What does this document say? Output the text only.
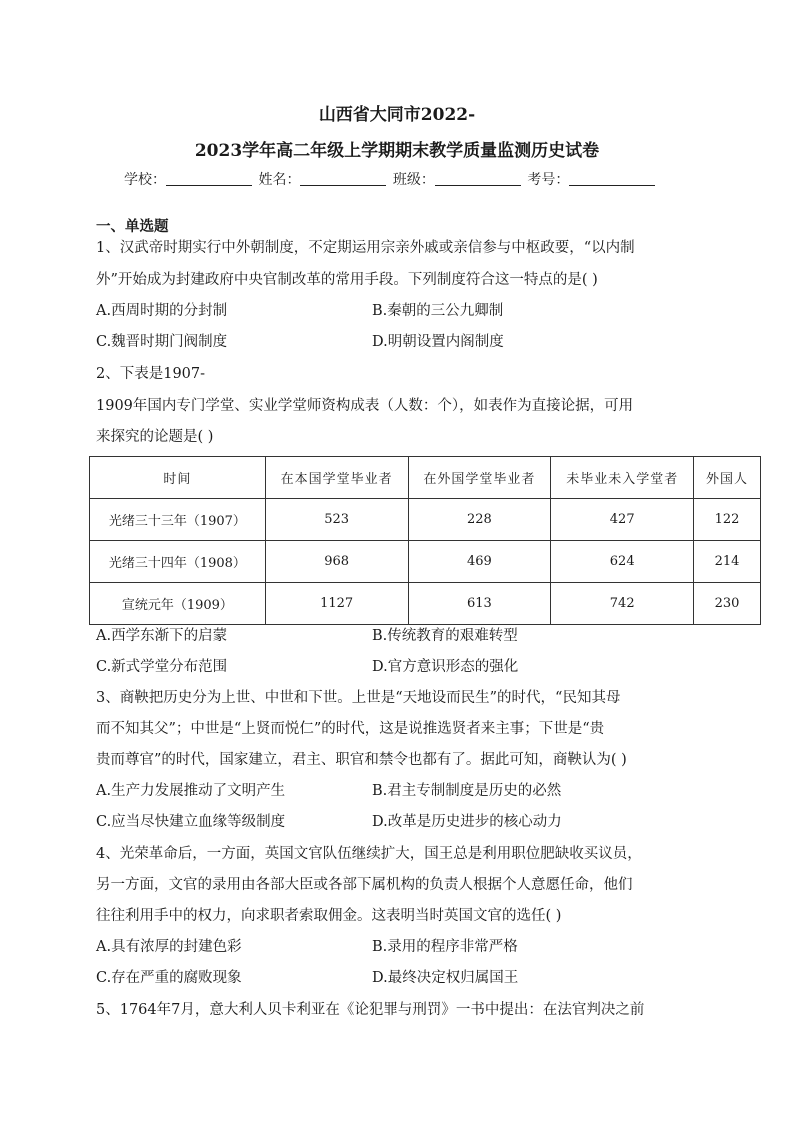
山西省大同市2022-
2023学年高二年级上学期期末教学质量监测历史试卷
学校：	姓名：	班级：	考号：
一、单选题
1、汉武帝时期实行中外朝制度，不定期运用宗亲外戚或亲信参与中枢政要，“以内制
外”开始成为封建政府中央官制改革的常用手段。下列制度符合这一特点的是( )
A.西周时期的分封制	B.秦朝的三公九卿制
C.魏晋时期门阀制度	D.明朝设置内阁制度
2、下表是1907-
1909年国内专门学堂、实业学堂师资构成表（人数：个），如表作为直接论据，可用
来探究的论题是( )
时间	在本国学堂毕业者	在外国学堂毕业者	未毕业未入学堂者	外国人
光绪三十三年（1907）	523	228	427	122
光绪三十四年（1908）	968	469	624	214
宣统元年（1909）	1127	613	742	230
A.西学东渐下的启蒙	B.传统教育的艰难转型
C.新式学堂分布范围	D.官方意识形态的强化
3、商鞅把历史分为上世、中世和下世。上世是“天地设而民生”的时代，“民知其母
而不知其父”；中世是“上贤而悦仁”的时代，这是说推选贤者来主事；下世是“贵
贵而尊官”的时代，国家建立，君主、职官和禁令也都有了。据此可知，商鞅认为( )
A.生产力发展推动了文明产生	B.君主专制制度是历史的必然
C.应当尽快建立血缘等级制度	D.改革是历史进步的核心动力
4、光荣革命后，一方面，英国文官队伍继续扩大，国王总是利用职位肥缺收买议员，
另一方面，文官的录用由各部大臣或各部下属机构的负责人根据个人意愿任命，他们
往往利用手中的权力，向求职者索取佣金。这表明当时英国文官的选任( )
A.具有浓厚的封建色彩	B.录用的程序非常严格
C.存在严重的腐败现象	D.最终决定权归属国王
5、1764年7月，意大利人贝卡利亚在《论犯罪与刑罚》一书中提出：在法官判决之前
